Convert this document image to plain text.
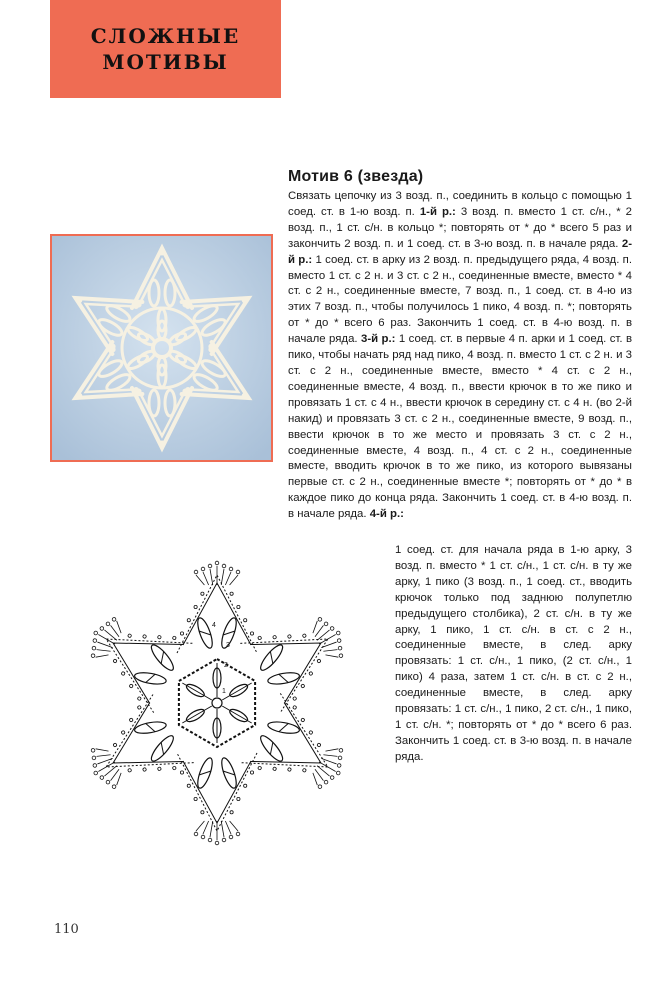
СЛОЖНЫЕ
МОТИВЫ
4
3
2
1
Мотив 6 (звезда)

Связать цепочку из 3 возд. п., соединить в кольцо с помощью 1 соед. ст. в 1-ю возд. п. 1-й р.: 3 возд. п. вместо 1 ст. с/н., * 2 возд. п., 1 ст. с/н. в кольцо *; повторять от * до * всего 5 раз и закончить 2 возд. п. и 1 соед. ст. в 3-ю возд. п. в начале ряда. 2-й р.: 1 соед. ст. в арку из 2 возд. п. предыдущего ряда, 4 возд. п. вместо 1 ст. с 2 н. и 3 ст. с 2 н., соединенные вместе, вместо * 4 ст. с 2 н., соединенные вместе, 7 возд. п., 1 соед. ст. в 4-ю из этих 7 возд. п., чтобы получилось 1 пико, 4 возд. п. *; повторять от * до * всего 6 раз. Закончить 1 соед. ст. в 4-ю возд. п. в начале ряда. 3-й р.: 1 соед. ст. в первые 4 п. арки и 1 соед. ст. в пико, чтобы начать ряд над пико, 4 возд. п. вместо 1 ст. с 2 н. и 3 ст. с 2 н., соединенные вместе, вместо * 4 ст. с 2 н., соединенные вместе, 4 возд. п., ввести крючок в то же пико и провязать 1 ст. с 4 н., ввести крючок в середину ст. с 4 н. (во 2-й накид) и провязать 3 ст. с 2 н., соединенные вместе, 9 возд. п., ввести крючок в то же место и провязать 3 ст. с 2 н., соединенные вместе, 4 возд. п., 4 ст. с 2 н., соединенные вместе, вводить крючок в то же пико, из которого вывязаны первые ст. с 2 н., соединенные вместе *; повторять от * до * в каждое пико до конца ряда. Закончить 1 соед. ст. в 4-ю возд. п. в начале ряда. 4-й р.:

1 соед. ст. для начала ряда в 1-ю арку, 3 возд. п. вместо * 1 ст. с/н., 1 ст. с/н. в ту же арку, 1 пико (3 возд. п., 1 соед. ст., вводить крючок только под заднюю полупетлю предыдущего столбика), 2 ст. с/н. в ту же арку, 1 пико, 1 ст. с/н. в ст. с 2 н., соединенные вместе, в след. арку провязать: 1 ст. с/н., 1 пико, (2 ст. с/н., 1 пико) 4 раза, затем 1 ст. с/н. в ст. с 2 н., соединенные вместе, в след. арку провязать: 1 ст. с/н., 1 пико, 2 ст. с/н., 1 пико, 1 ст. с/н. *; повторять от * до * всего 6 раз. Закончить 1 соед. ст. в 3-ю возд. п. в начале ряда.

110
